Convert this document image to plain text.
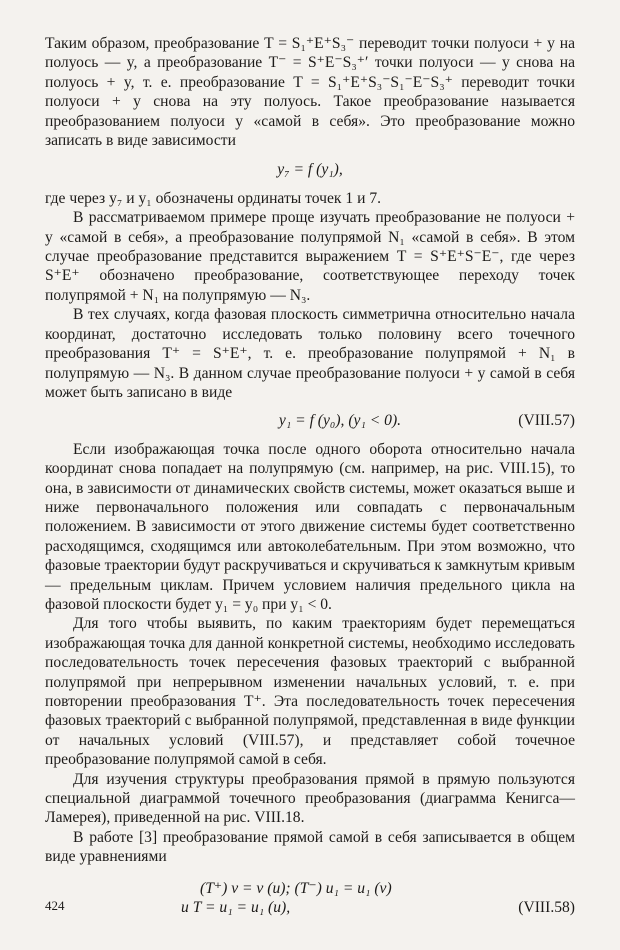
Таким образом, преобразование T = S₁⁺E⁺S₃⁻ переводит точки полуоси + y на полуось — y, а преобразование T⁻ = S⁺E⁻S₃⁺′ точки полуоси — y снова на полуось + y, т. е. преобразование T = S₁⁺E⁺S₃⁻S₁⁻E⁻S₃⁺ переводит точки полуоси + y снова на эту полуось. Такое преобразование называется преобразованием полуоси y «самой в себя». Это преобразование можно записать в виде зависимости

y₇ = f (y₁),

где через y₇ и y₁ обозначены ординаты точек 1 и 7.

В рассматриваемом примере проще изучать преобразование не полуоси + y «самой в себя», а преобразование полупрямой N₁ «самой в себя». В этом случае преобразование представится выражением T = S⁺E⁺S⁻E⁻, где через S⁺E⁺ обозначено преобразование, соответствующее переходу точек полупрямой + N₁ на полупрямую — N₃.

В тех случаях, когда фазовая плоскость симметрична относительно начала координат, достаточно исследовать только половину всего точечного преобразования T⁺ = S⁺E⁺, т. е. преобразование полупрямой + N₁ в полупрямую — N₃. В данном случае преобразование полуоси + y самой в себя может быть записано в виде

y₁ = f (y₀), (y₁ < 0).	(VIII.57)

Если изображающая точка после одного оборота относительно начала координат снова попадает на полупрямую (см. например, на рис. VIII.15), то она, в зависимости от динамических свойств системы, может оказаться выше и ниже первоначального положения или совпадать с первоначальным положением. В зависимости от этого движение системы будет соответственно расходящимся, сходящимся или автоколебательным. При этом возможно, что фазовые траектории будут раскручиваться и скручиваться к замкнутым кривым — предельным циклам. Причем условием наличия предельного цикла на фазовой плоскости будет y₁ = y₀ при y₁ < 0.

Для того чтобы выявить, по каким траекториям будет перемещаться изображающая точка для данной конкретной системы, необходимо исследовать последовательность точек пересечения фазовых траекторий с выбранной полупрямой при непрерывном изменении начальных условий, т. е. при повторении преобразования T⁺. Эта последовательность точек пересечения фазовых траекторий с выбранной полупрямой, представленная в виде функции от начальных условий (VIII.57), и представляет собой точечное преобразование полупрямой самой в себя.

Для изучения структуры преобразования прямой в прямую пользуются специальной диаграммой точечного преобразования (диаграмма Кенигса—Ламерея), приведенной на рис. VIII.18.

В работе [3] преобразование прямой самой в себя записывается в общем виде уравнениями

(T⁺) v = v (u); (T⁻) u₁ = u₁ (v)
и T = u₁ = u₁ (u),	(VIII.58)
424
